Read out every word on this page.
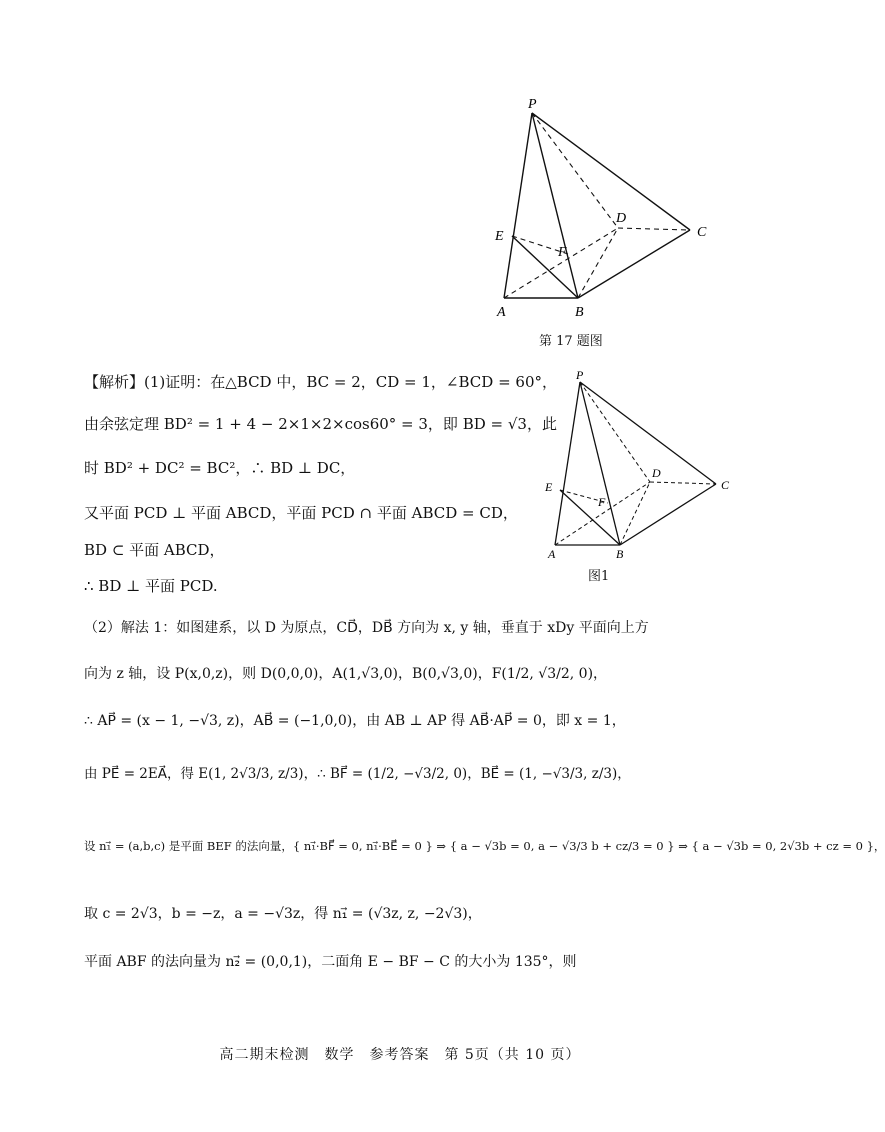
P
D
C
E
F
A	B
第 17 题图
P
D
C
E
F
A	B
图1
【解析】(1)证明：在△BCD 中，BC = 2，CD = 1，∠BCD = 60°，
由余弦定理 BD² = 1 + 4 − 2×1×2×cos60° = 3，即 BD = √3，此
时 BD² + DC² = BC²，∴ BD ⊥ DC，
又平面 PCD ⊥ 平面 ABCD，平面 PCD ∩ 平面 ABCD = CD，
BD ⊂ 平面 ABCD，
∴ BD ⊥ 平面 PCD.
（2）解法 1：如图建系，以 D 为原点，CD⃗，DB⃗ 方向为 x, y 轴，垂直于 xDy 平面向上方
向为 z 轴，设 P(x,0,z)，则 D(0,0,0)，A(1,√3,0)，B(0,√3,0)，F(1/2, √3/2, 0)，
∴ AP⃗ = (x − 1, −√3, z)，AB⃗ = (−1,0,0)，由 AB ⊥ AP 得 AB⃗·AP⃗ = 0，即 x = 1，
由 PE⃗ = 2EA⃗，得 E(1, 2√3/3, z/3)，∴ BF⃗ = (1/2, −√3/2, 0)，BE⃗ = (1, −√3/3, z/3)，
设 n₁⃗ = (a,b,c) 是平面 BEF 的法向量，{ n₁⃗·BF⃗ = 0, n₁⃗·BE⃗ = 0 } ⇒ { a − √3b = 0, a − √3/3 b + cz/3 = 0 } ⇒ { a − √3b = 0, 2√3b + cz = 0 }，
取 c = 2√3，b = −z，a = −√3z，得 n₁⃗ = (√3z, z, −2√3)，
平面 ABF 的法向量为 n₂⃗ = (0,0,1)，二面角 E − BF − C 的大小为 135°，则
高二期末检测　数学　参考答案　第 5页（共 10 页）
